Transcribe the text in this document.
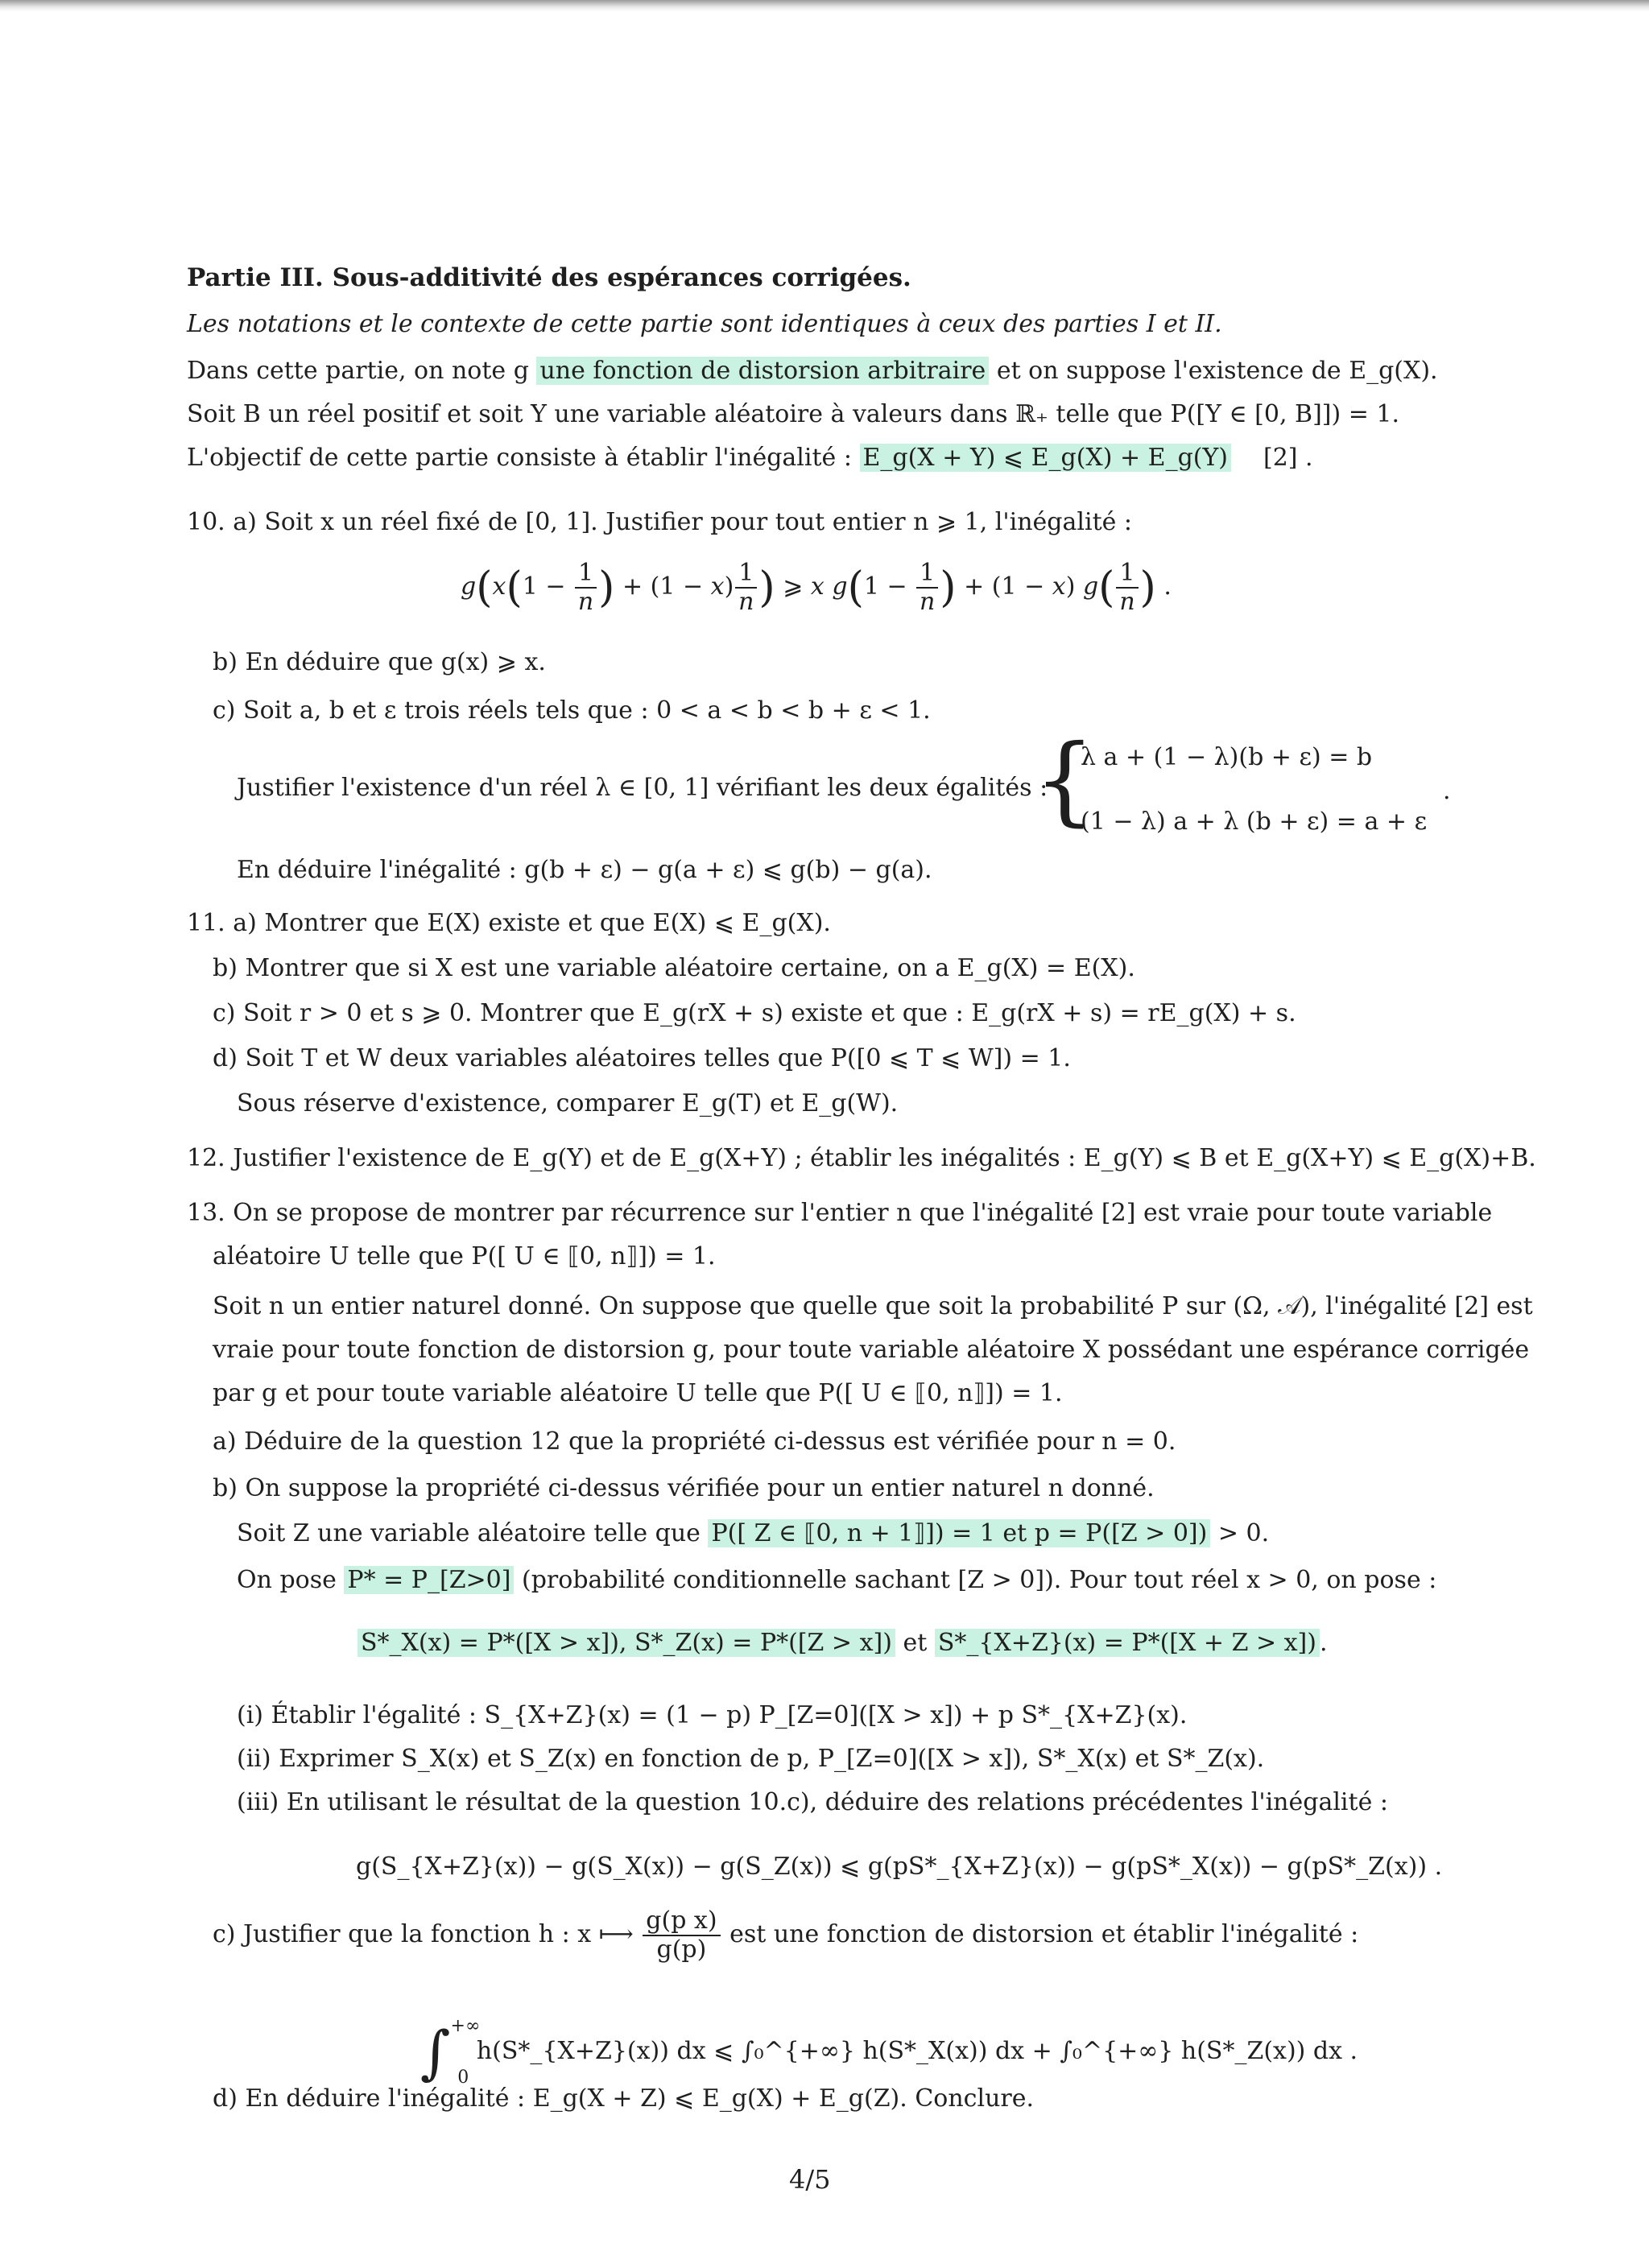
Partie III. Sous-additivité des espérances corrigées.
Les notations et le contexte de cette partie sont identiques à ceux des parties I et II.
Dans cette partie, on note g une fonction de distorsion arbitraire et on suppose l'existence de E_g(X).
Soit B un réel positif et soit Y une variable aléatoire à valeurs dans ℝ₊ telle que P([Y ∈ [0, B]]) = 1.
L'objectif de cette partie consiste à établir l'inégalité : E_g(X + Y) ⩽ E_g(X) + E_g(Y) [2] .
10. a) Soit x un réel fixé de [0, 1]. Justifier pour tout entier n ⩾ 1, l'inégalité :
$g(x(1 - \frac{1}{n}$ ) + $(1 - x) \frac{1}{n}$ ) ⩾ x $g(1 - \frac{1}{n}$ ) + (1 − x) $g( \frac{1}{n}$ ) .
b) En déduire que g(x) ⩾ x.
c) Soit a, b et ε trois réels tels que : 0 < a < b < b + ε < 1.
Justifier l'existence d'un réel λ ∈ [0, 1] vérifiant les deux égalités :
{
λ a + (1 − λ)(b + ε) = b
(1 − λ) a + λ (b + ε) = a + ε
.
En déduire l'inégalité : g(b + ε) − g(a + ε) ⩽ g(b) − g(a).
11. a) Montrer que E(X) existe et que E(X) ⩽ E_g(X).
b) Montrer que si X est une variable aléatoire certaine, on a E_g(X) = E(X).
c) Soit r > 0 et s ⩾ 0. Montrer que E_g(rX + s) existe et que : E_g(rX + s) = rE_g(X) + s.
d) Soit T et W deux variables aléatoires telles que P([0 ⩽ T ⩽ W]) = 1.
Sous réserve d'existence, comparer E_g(T) et E_g(W).
12. Justifier l'existence de E_g(Y) et de E_g(X+Y) ; établir les inégalités : E_g(Y) ⩽ B et E_g(X+Y) ⩽ E_g(X)+B.
13. On se propose de montrer par récurrence sur l'entier n que l'inégalité [2] est vraie pour toute variable
aléatoire U telle que P([ U ∈ ⟦0, n⟧]) = 1.
Soit n un entier naturel donné. On suppose que quelle que soit la probabilité P sur (Ω, 𝒜), l'inégalité [2] est
vraie pour toute fonction de distorsion g, pour toute variable aléatoire X possédant une espérance corrigée
par g et pour toute variable aléatoire U telle que P([ U ∈ ⟦0, n⟧]) = 1.
a) Déduire de la question 12 que la propriété ci-dessus est vérifiée pour n = 0.
b) On suppose la propriété ci-dessus vérifiée pour un entier naturel n donné.
Soit Z une variable aléatoire telle que P([ Z ∈ ⟦0, n + 1⟧]) = 1 et p = P([Z > 0]) > 0.
On pose P* = P_[Z>0] (probabilité conditionnelle sachant [Z > 0]). Pour tout réel x > 0, on pose :
S*_X(x) = P*([X > x]), S*_Z(x) = P*([Z > x]) et S*_{X+Z}(x) = P*([X + Z > x]) .
(i) Établir l'égalité : S_{X+Z}(x) = (1 − p) P_[Z=0]([X > x]) + p S*_{X+Z}(x).
(ii) Exprimer S_X(x) et S_Z(x) en fonction de p, P_[Z=0]([X > x]), S*_X(x) et S*_Z(x).
(iii) En utilisant le résultat de la question 10.c), déduire des relations précédentes l'inégalité :
g(S_{X+Z}(x)) − g(S_X(x)) − g(S_Z(x)) ⩽ g(pS*_{X+Z}(x)) − g(pS*_X(x)) − g(pS*_Z(x)) .
c) Justifier que la fonction h : x ⟼ $\frac{\text{g(p x)}}{g(p)}$ est une fonction de distorsion et établir l'inégalité :
$\int^{+\infty}_0$ h(S*_{X+Z}(x)) dx ⩽ ∫₀^{+∞} h(S*_X(x)) dx + ∫₀^{+∞} h(S*_Z(x)) dx .
d) En déduire l'inégalité : E_g(X + Z) ⩽ E_g(X) + E_g(Z). Conclure.
4/5
